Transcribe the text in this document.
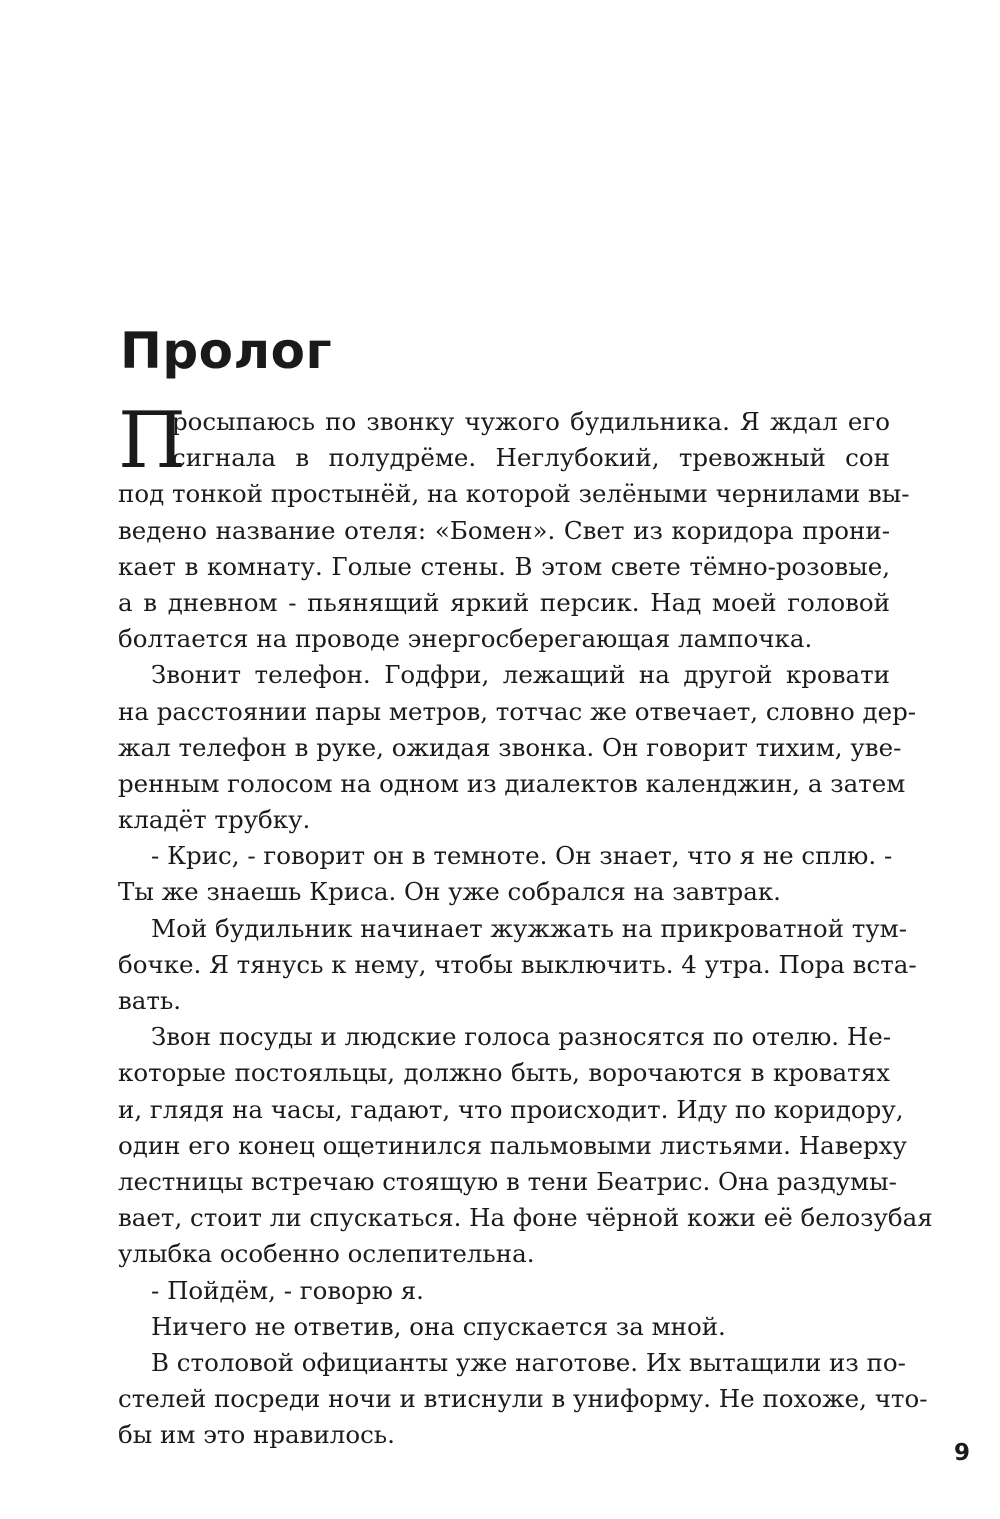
Пролог
П
росыпаюсь по звонку чужого будильника. Я ждал его
сигнала в полудрёме. Неглубокий, тревожный сон
под тонкой простынёй, на которой зелёными чернилами вы-
ведено название отеля: «Бомен». Свет из коридора прони-
кает в комнату. Голые стены. В этом свете тёмно-розовые,
а в дневном - пьянящий яркий персик. Над моей головой
болтается на проводе энергосберегающая лампочка.
Звонит телефон. Годфри, лежащий на другой кровати
на расстоянии пары метров, тотчас же отвечает, словно дер-
жал телефон в руке, ожидая звонка. Он говорит тихим, уве-
ренным голосом на одном из диалектов календжин, а затем
кладёт трубку.
- Крис, - говорит он в темноте. Он знает, что я не сплю. -
Ты же знаешь Криса. Он уже собрался на завтрак.
Мой будильник начинает жужжать на прикроватной тум-
бочке. Я тянусь к нему, чтобы выключить. 4 утра. Пора вста-
вать.
Звон посуды и людские голоса разносятся по отелю. Не-
которые постояльцы, должно быть, ворочаются в кроватях
и, глядя на часы, гадают, что происходит. Иду по коридору,
один его конец ощетинился пальмовыми листьями. Наверху
лестницы встречаю стоящую в тени Беатрис. Она раздумы-
вает, стоит ли спускаться. На фоне чёрной кожи её белозубая
улыбка особенно ослепительна.
- Пойдём, - говорю я.
Ничего не ответив, она спускается за мной.
В столовой официанты уже наготове. Их вытащили из по-
стелей посреди ночи и втиснули в униформу. Не похоже, что-
бы им это нравилось.
9
